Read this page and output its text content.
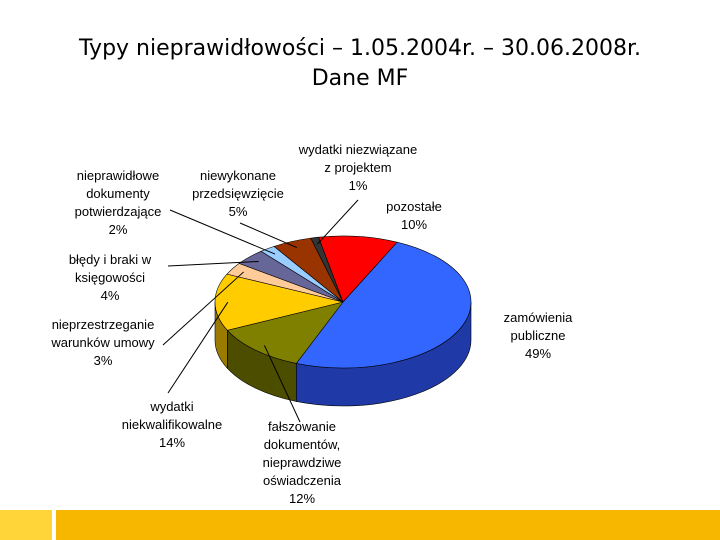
Typy nieprawidłowości – 1.05.2004r. – 30.06.2008r.
Dane MF
zamówienia publiczne 49%
fałszowanie dokumentów, nieprawdziwe oświadczenia 12%
wydatki niekwalifikowalne 14%
nieprzestrzeganie warunków umowy 3%
błędy i braki w księgowości 4%
nieprawidłowe dokumenty potwierdzające 2%
niewykonane przedsięwzięcie 5%
wydatki niezwiązane z projektem 1%
pozostałe 10%
